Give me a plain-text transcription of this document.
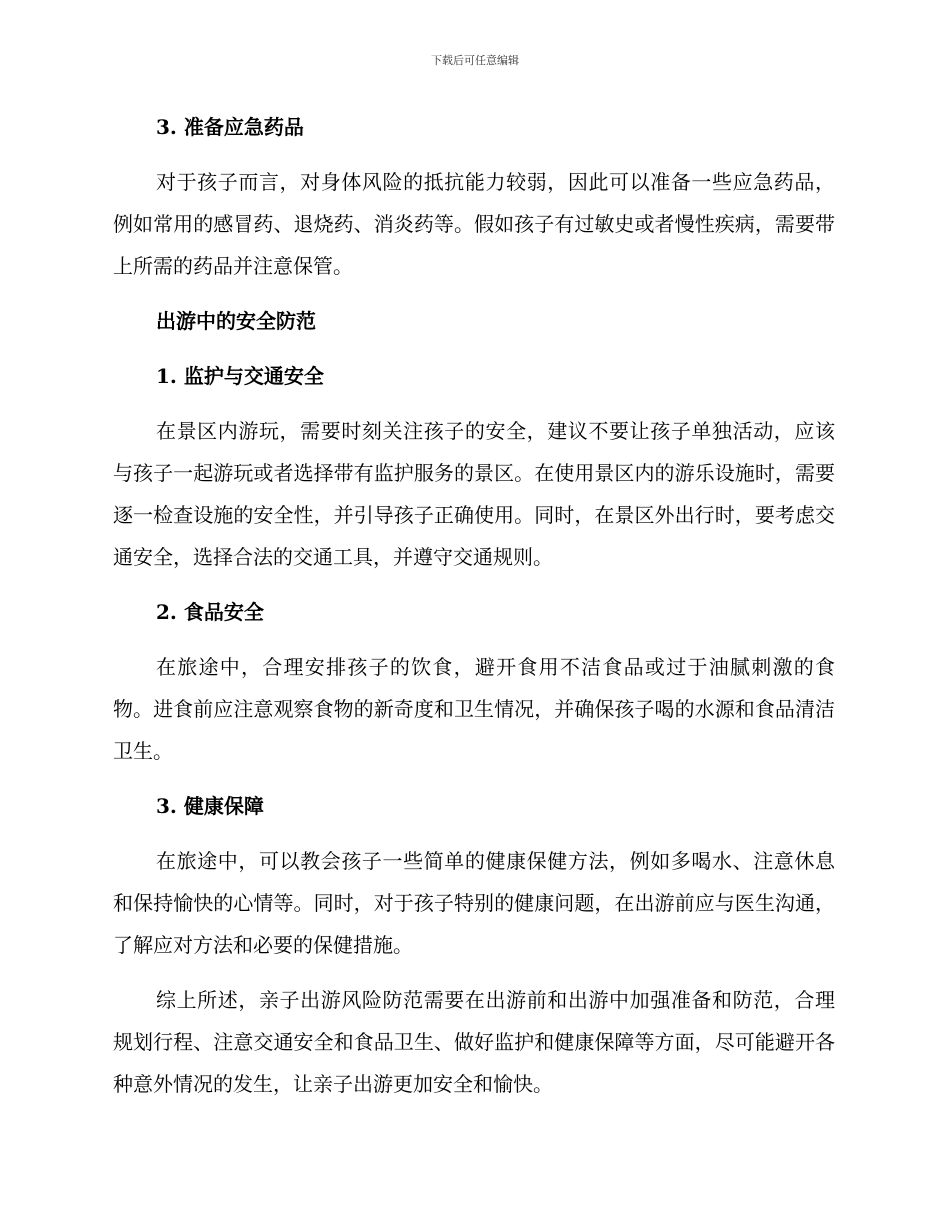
下载后可任意编辑
3. 准备应急药品

对于孩子而言，对身体风险的抵抗能力较弱，因此可以准备一些应急药品，例如常用的感冒药、退烧药、消炎药等。假如孩子有过敏史或者慢性疾病，需要带上所需的药品并注意保管。

出游中的安全防范
1. 监护与交通安全

在景区内游玩，需要时刻关注孩子的安全，建议不要让孩子单独活动，应该与孩子一起游玩或者选择带有监护服务的景区。在使用景区内的游乐设施时，需要逐一检查设施的安全性，并引导孩子正确使用。同时，在景区外出行时，要考虑交通安全，选择合法的交通工具，并遵守交通规则。

2. 食品安全

在旅途中，合理安排孩子的饮食，避开食用不洁食品或过于油腻刺激的食物。进食前应注意观察食物的新奇度和卫生情况，并确保孩子喝的水源和食品清洁卫生。

3. 健康保障

在旅途中，可以教会孩子一些简单的健康保健方法，例如多喝水、注意休息和保持愉快的心情等。同时，对于孩子特别的健康问题，在出游前应与医生沟通，了解应对方法和必要的保健措施。

综上所述，亲子出游风险防范需要在出游前和出游中加强准备和防范，合理规划行程、注意交通安全和食品卫生、做好监护和健康保障等方面，尽可能避开各种意外情况的发生，让亲子出游更加安全和愉快。
